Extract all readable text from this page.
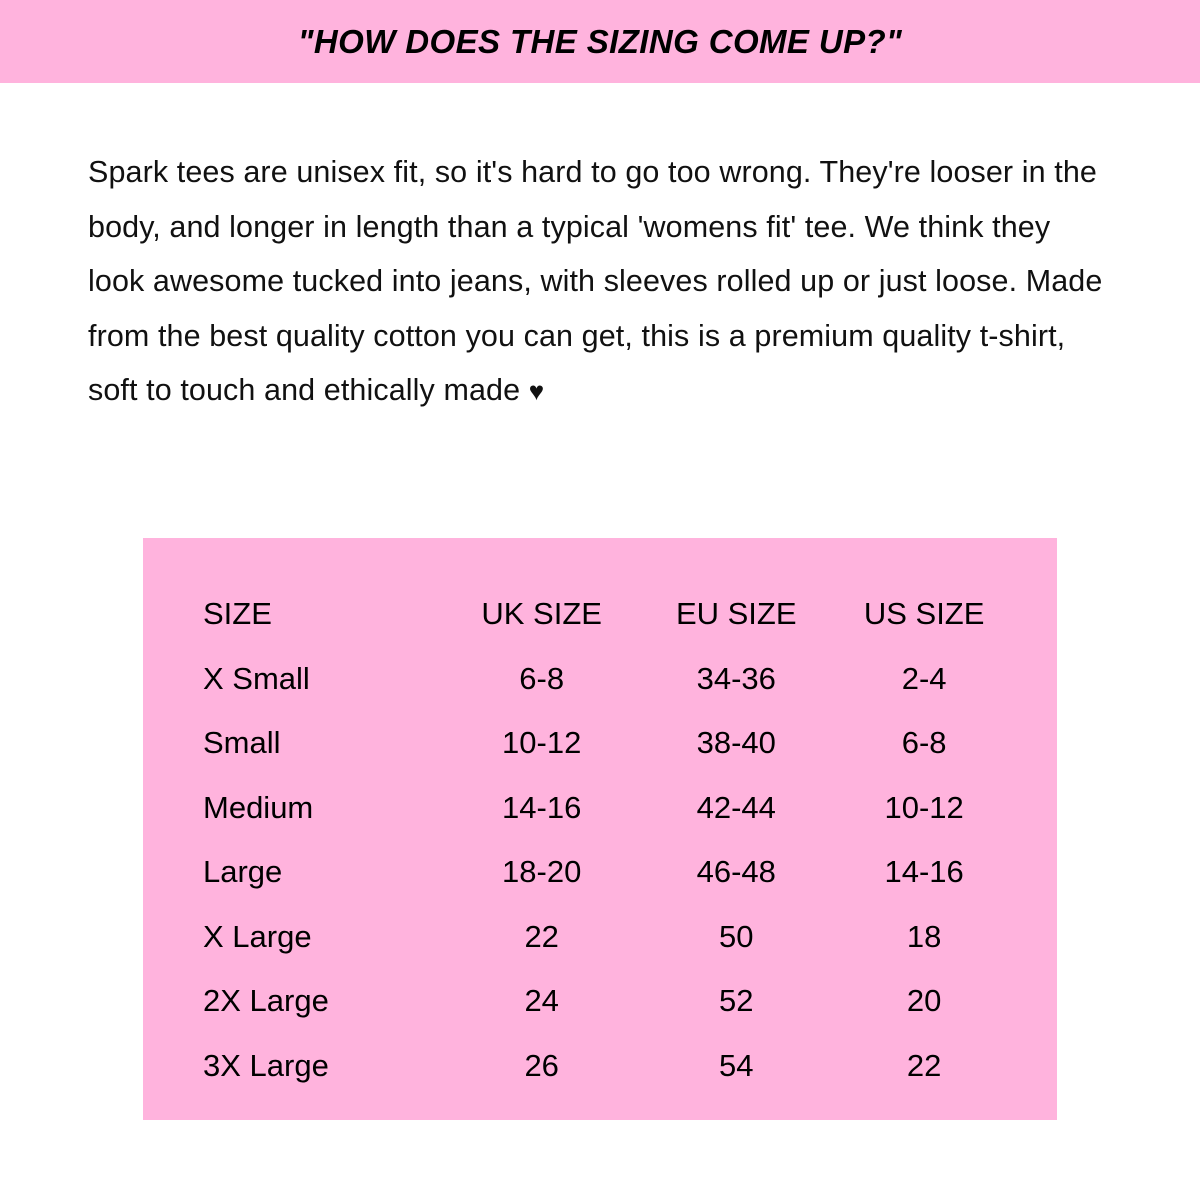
"HOW DOES THE SIZING COME UP?"

Spark tees are unisex fit, so it's hard to go too wrong. They're looser in the body, and longer in length than a typical 'womens fit' tee. We think they look awesome tucked into jeans, with sleeves rolled up or just loose. Made from the best quality cotton you can get, this is a premium quality t-shirt, soft to touch and ethically made ♥

SIZE	UK SIZE	EU SIZE	US SIZE
X Small	6-8	34-36	2-4
Small	10-12	38-40	6-8
Medium	14-16	42-44	10-12
Large	18-20	46-48	14-16
X Large	22	50	18
2X Large	24	52	20
3X Large	26	54	22
